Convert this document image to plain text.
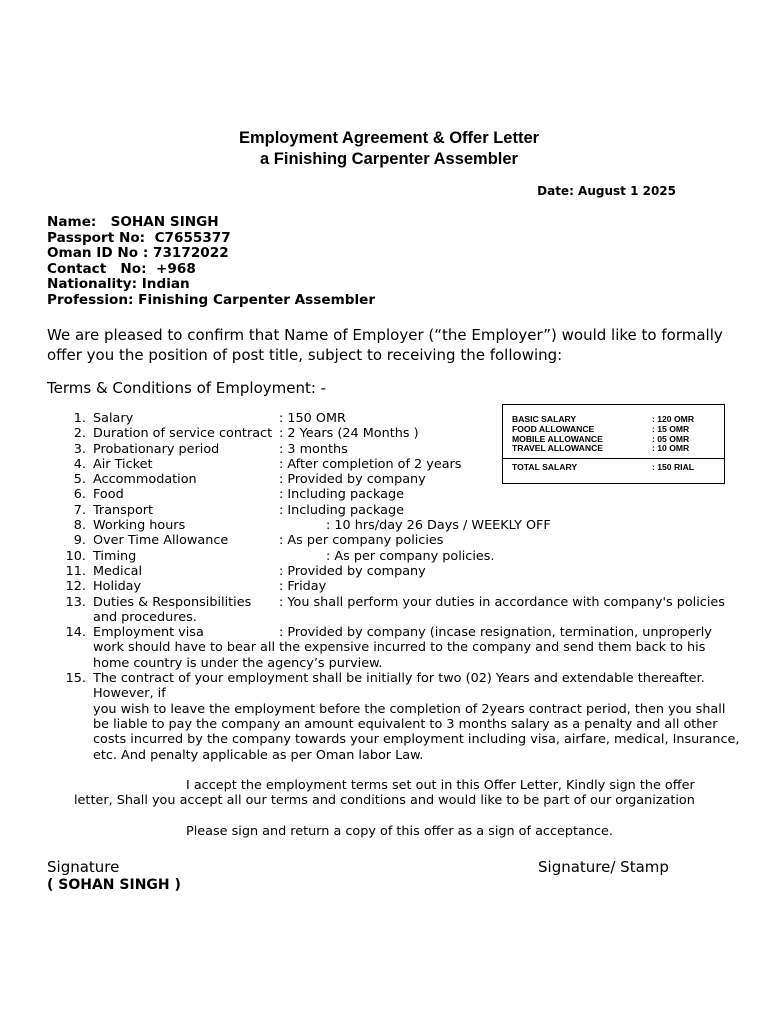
Employment Agreement & Offer Letter
a Finishing Carpenter Assembler
Date: August 1 2025
Name:   SOHAN SINGH
Passport No:  C7655377
Oman ID No : 73172022
Contact   No:  +968
Nationality: Indian
Profession: Finishing Carpenter Assembler
We are pleased to confirm that Name of Employer (“the Employer”) would like to formally offer you the position of post title, subject to receiving the following:
Terms & Conditions of Employment: -
1. Salary	: 150 OMR
2. Duration of service contract : 2 Years (24 Months )
3. Probationary period	: 3 months
4. Air Ticket	: After completion of 2 years
5. Accommodation	: Provided by company
6. Food	: Including package
7. Transport	: Including package
8. Working hours	: 10 hrs/day 26 Days / WEEKLY OFF
9. Over Time Allowance	: As per company policies
10. Timing	: As per company policies.
11. Medical	: Provided by company
12. Holiday	: Friday
13. Duties & Responsibilities : You shall perform your duties in accordance with company's policies
and procedures.
14. Employment visa	: Provided by company (incase resignation, termination, unproperly
work should have to bear all the expensive incurred to the company and send them back to his home country is under the agency’s purview.
15. The contract of your employment shall be initially for two (02) Years and extendable thereafter. However, if
you wish to leave the employment before the completion of 2years contract period, then you shall be liable to pay the company an amount equivalent to 3 months salary as a penalty and all other costs incurred by the company towards your employment including visa, airfare, medical, Insurance, etc. And penalty applicable as per Oman labor Law.
BASIC SALARY	: 120 OMR
FOOD ALLOWANCE	: 15 OMR
MOBILE ALLOWANCE	: 05 OMR
TRAVEL ALLOWANCE	: 10 OMR
TOTAL SALARY	: 150 RIAL
I accept the employment terms set out in this Offer Letter, Kindly sign the offer
letter, Shall you accept all our terms and conditions and would like to be part of our organization
Please sign and return a copy of this offer as a sign of acceptance.
Signature
( SOHAN SINGH )
Signature/ Stamp
